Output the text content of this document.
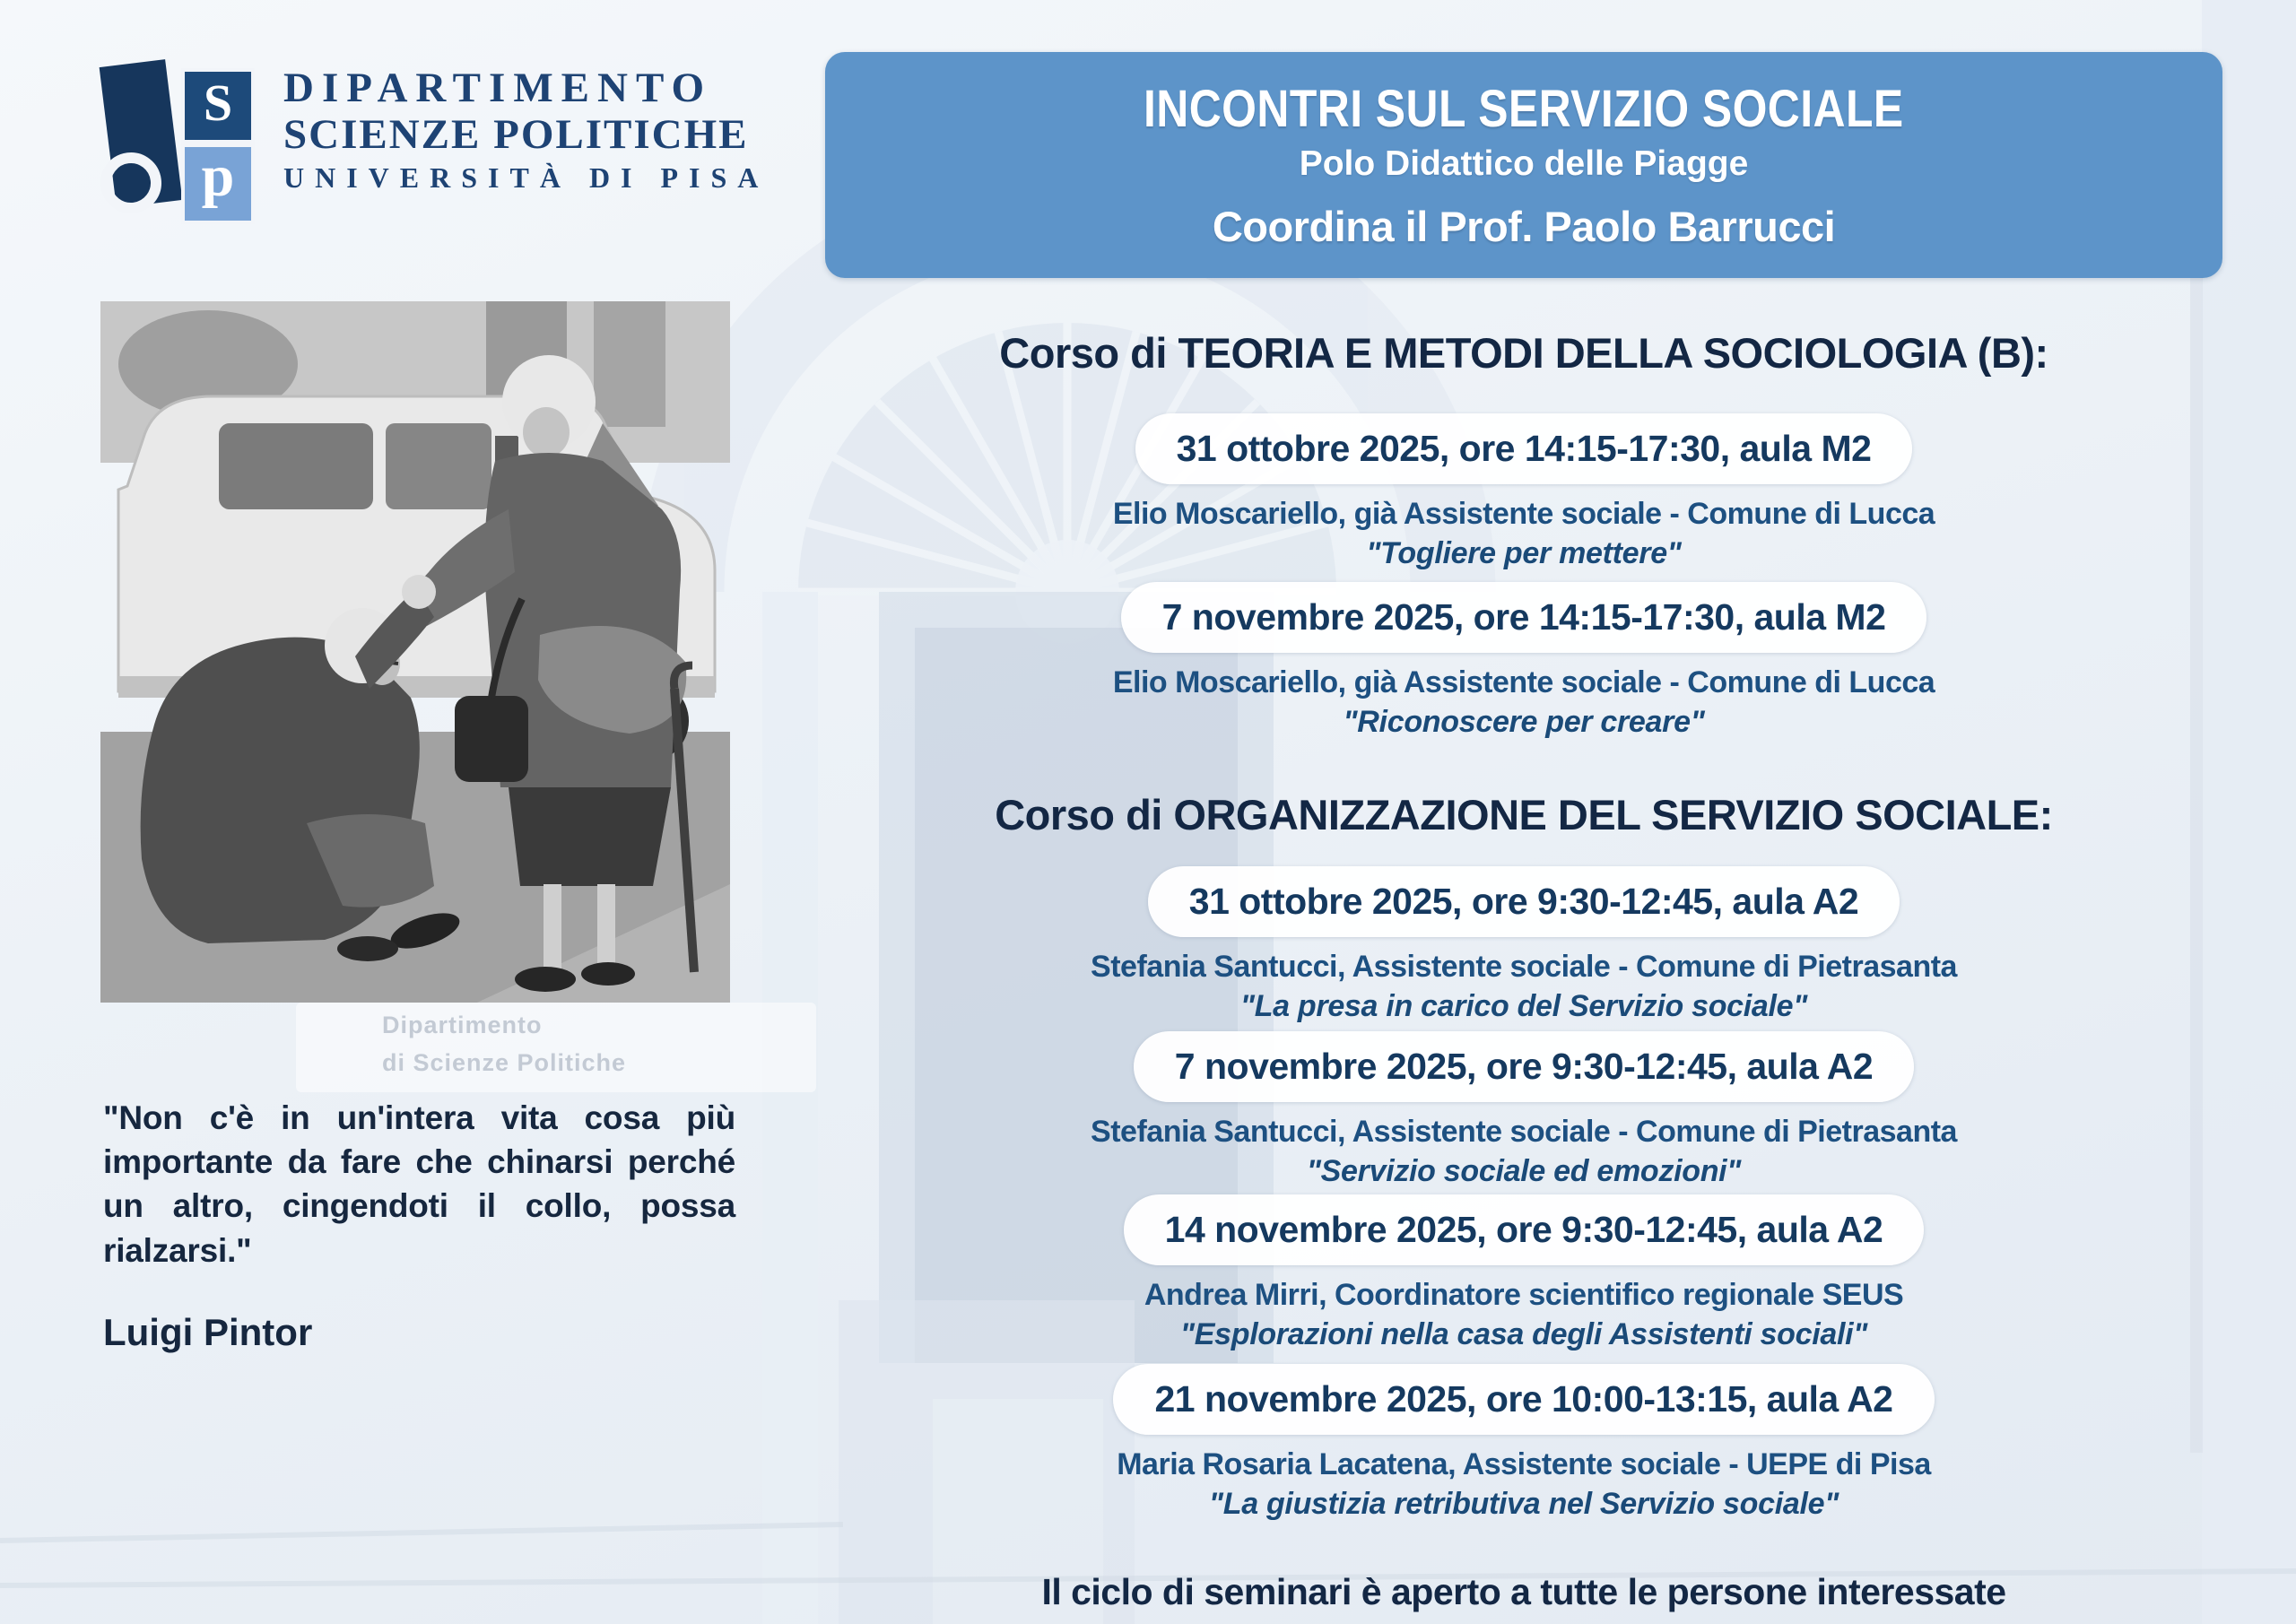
S
p
DIPARTIMENTO
SCIENZE POLITICHE
UNIVERSITÀ DI PISA
INCONTRI SUL SERVIZIO SOCIALE
Polo Didattico delle Piagge
Coordina il Prof. Paolo Barrucci
Dipartimento
di Scienze Politiche
"Non c'è in un'intera vita cosa più importante da fare che chinarsi perché un altro, cingendoti il collo, possa rialzarsi."
Luigi Pintor
Corso di TEORIA E METODI DELLA SOCIOLOGIA (B):
31 ottobre 2025, ore 14:15-17:30, aula M2
Elio Moscariello, già Assistente sociale - Comune di Lucca
"Togliere per mettere"
7 novembre 2025, ore 14:15-17:30, aula M2
Elio Moscariello, già Assistente sociale - Comune di Lucca
"Riconoscere per creare"
Corso di ORGANIZZAZIONE DEL SERVIZIO SOCIALE:
31 ottobre 2025, ore 9:30-12:45, aula A2
Stefania Santucci, Assistente sociale - Comune di Pietrasanta
"La presa in carico del Servizio sociale"
7 novembre 2025, ore 9:30-12:45, aula A2
Stefania Santucci, Assistente sociale - Comune di Pietrasanta
"Servizio sociale ed emozioni"
14 novembre 2025, ore 9:30-12:45, aula A2
Andrea Mirri, Coordinatore scientifico regionale SEUS
"Esplorazioni nella casa degli Assistenti sociali"
21 novembre 2025, ore 10:00-13:15, aula A2
Maria Rosaria Lacatena, Assistente sociale - UEPE di Pisa
"La giustizia retributiva nel Servizio sociale"
Il ciclo di seminari è aperto a tutte le persone interessate
